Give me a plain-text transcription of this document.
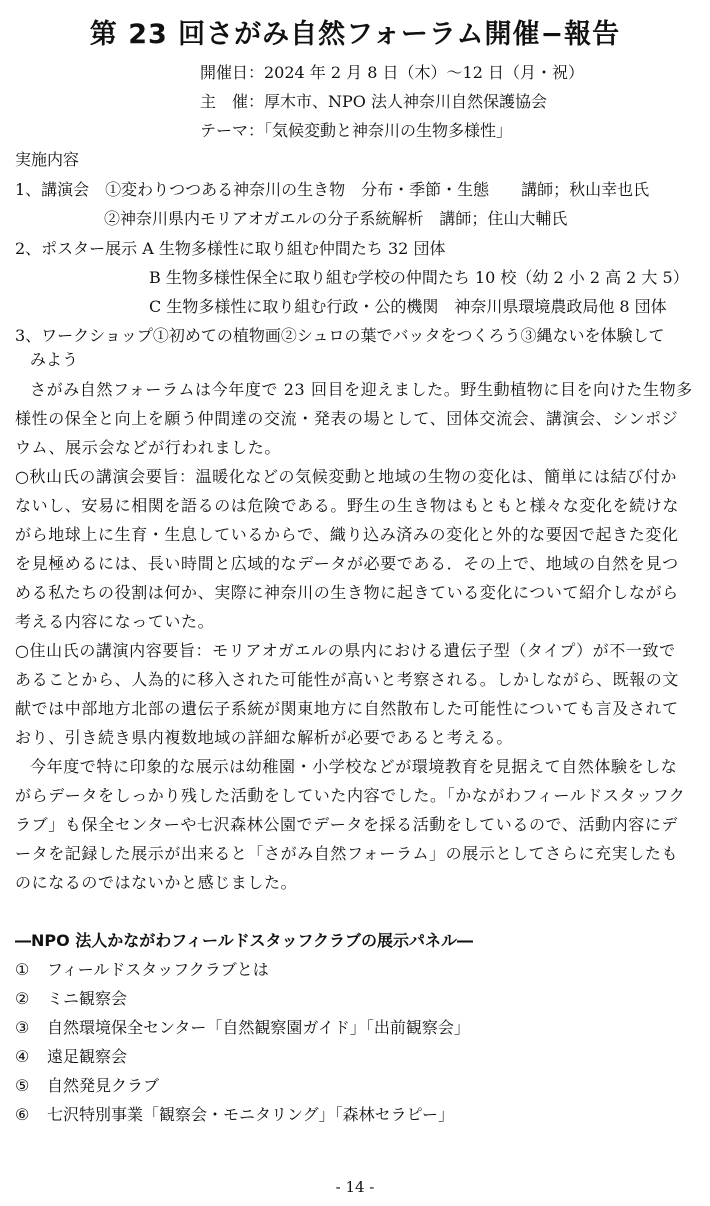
第 23 回さがみ自然フォーラム開催−報告
開催日：2024 年 2 月 8 日（木）〜12 日（月・祝）
主　催：厚木市、NPO 法人神奈川自然保護協会
テーマ：「気候変動と神奈川の生物多様性」
実施内容
1、講演会　①変わりつつある神奈川の生き物　分布・季節・生態　　講師；秋山幸也氏
②神奈川県内モリアオガエルの分子系統解析　講師；住山大輔氏
2、ポスター展示 A 生物多様性に取り組む仲間たち 32 団体
B 生物多様性保全に取り組む学校の仲間たち 10 校（幼 2 小 2 高 2 大 5）
C 生物多様性に取り組む行政・公的機関　神奈川県環境農政局他 8 団体
3、ワークショップ①初めての植物画②シュロの葉でバッタをつくろう③縄ないを体験して
みよう
さがみ自然フォーラムは今年度で 23 回目を迎えました。野生動植物に目を向けた生物多
様性の保全と向上を願う仲間達の交流・発表の場として、団体交流会、講演会、シンポジ
ウム、展示会などが行われました。
○秋山氏の講演会要旨：温暖化などの気候変動と地域の生物の変化は、簡単には結び付か
ないし、安易に相関を語るのは危険である。野生の生き物はもともと様々な変化を続けな
がら地球上に生育・生息しているからで、織り込み済みの変化と外的な要因で起きた変化
を見極めるには、長い時間と広域的なデータが必要である．その上で、地域の自然を見つ
める私たちの役割は何か、実際に神奈川の生き物に起きている変化について紹介しながら
考える内容になっていた。
○住山氏の講演内容要旨：モリアオガエルの県内における遺伝子型（タイプ）が不一致で
あることから、人為的に移入された可能性が高いと考察される。しかしながら、既報の文
献では中部地方北部の遺伝子系統が関東地方に自然散布した可能性についても言及されて
おり、引き続き県内複数地域の詳細な解析が必要であると考える。
今年度で特に印象的な展示は幼稚園・小学校などが環境教育を見据えて自然体験をしな
がらデータをしっかり残した活動をしていた内容でした。「かながわフィールドスタッフク
ラブ」も保全センターや七沢森林公園でデータを採る活動をしているので、活動内容にデ
ータを記録した展示が出来ると「さがみ自然フォーラム」の展示としてさらに充実したも
のになるのではないかと感じました。
―NPO 法人かながわフィールドスタッフクラブの展示パネル―
① フィールドスタッフクラブとは
② ミニ観察会
③ 自然環境保全センター「自然観察園ガイド」「出前観察会」
④ 遠足観察会
⑤ 自然発見クラブ
⑥ 七沢特別事業「観察会・モニタリング」「森林セラピー」
- 14 -
